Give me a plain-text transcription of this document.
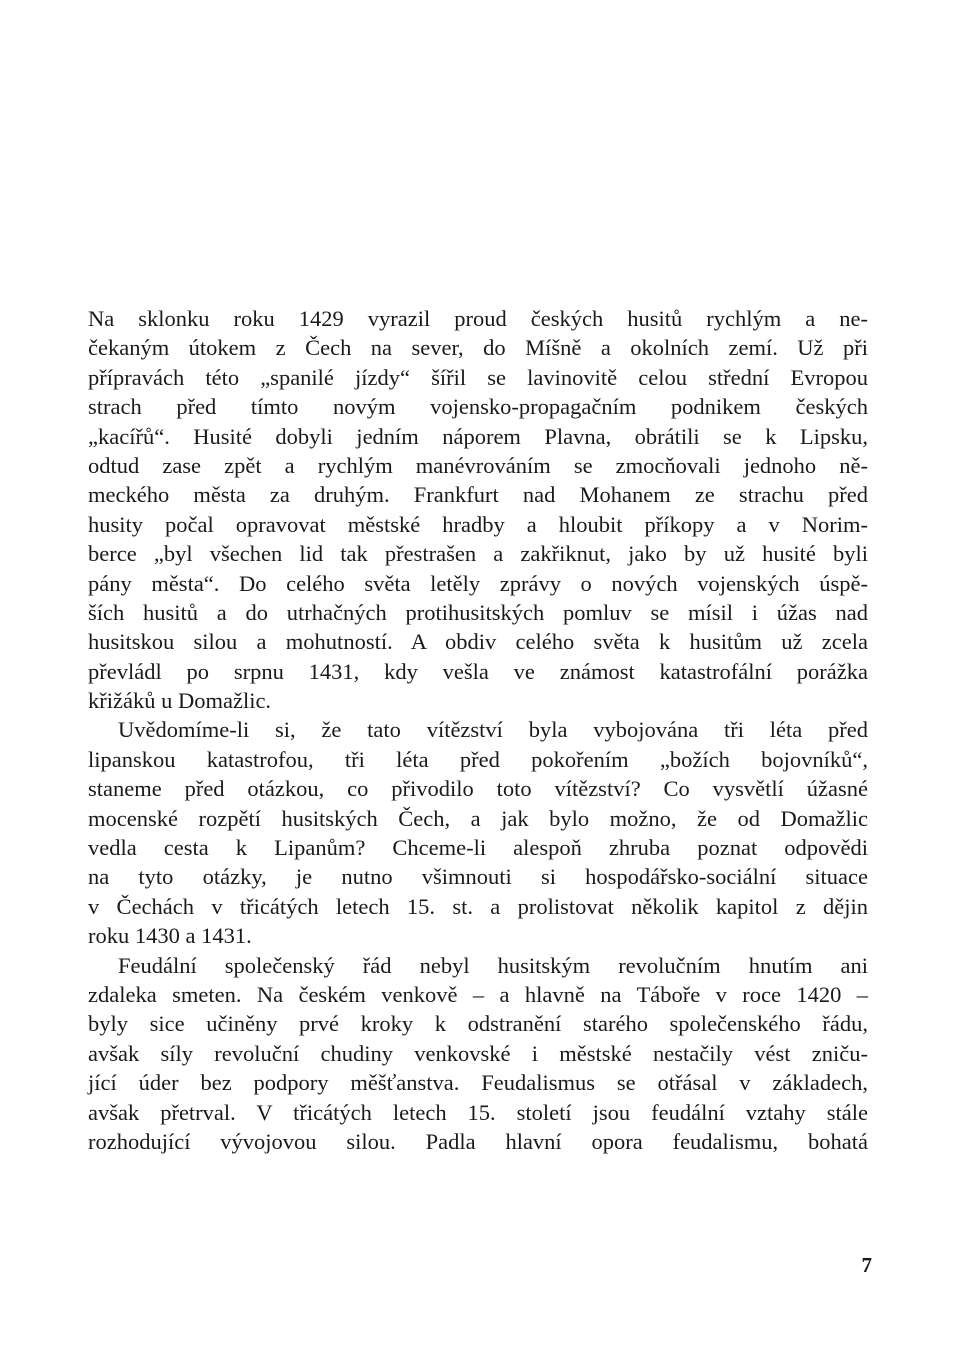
Na sklonku roku 1429 vyrazil proud českých husitů rychlým a ne-
čekaným útokem z Čech na sever, do Míšně a okolních zemí. Už při
přípravách této „spanilé jízdy“ šířil se lavinovitě celou střední Evropou
strach před tímto novým vojensko-propagačním podnikem českých
„kacířů“. Husité dobyli jedním náporem Plavna, obrátili se k Lipsku,
odtud zase zpět a rychlým manévrováním se zmocňovali jednoho ně-
meckého města za druhým. Frankfurt nad Mohanem ze strachu před
husity počal opravovat městské hradby a hloubit příkopy a v Norim-
berce „byl všechen lid tak přestrašen a zakřiknut, jako by už husité byli
pány města“. Do celého světa letěly zprávy o nových vojenských úspě-
ších husitů a do utrhačných protihusitských pomluv se mísil i úžas nad
husitskou silou a mohutností. A obdiv celého světa k husitům už zcela
převládl po srpnu 1431, kdy vešla ve známost katastrofální porážka
křižáků u Domažlic.
Uvědomíme-li si, že tato vítězství byla vybojována tři léta před
lipanskou katastrofou, tři léta před pokořením „božích bojovníků“,
staneme před otázkou, co přivodilo toto vítězství? Co vysvětlí úžasné
mocenské rozpětí husitských Čech, a jak bylo možno, že od Domažlic
vedla cesta k Lipanům? Chceme-li alespoň zhruba poznat odpovědi
na tyto otázky, je nutno všimnouti si hospodářsko-sociální situace
v Čechách v třicátých letech 15. st. a prolistovat několik kapitol z dějin
roku 1430 a 1431.
Feudální společenský řád nebyl husitským revolučním hnutím ani
zdaleka smeten. Na českém venkově – a hlavně na Táboře v roce 1420 –
byly sice učiněny prvé kroky k odstranění starého společenského řádu,
avšak síly revoluční chudiny venkovské i městské nestačily vést zniču-
jící úder bez podpory měšťanstva. Feudalismus se otřásal v základech,
avšak přetrval. V třicátých letech 15. století jsou feudální vztahy stále
rozhodující vývojovou silou. Padla hlavní opora feudalismu, bohatá
7
